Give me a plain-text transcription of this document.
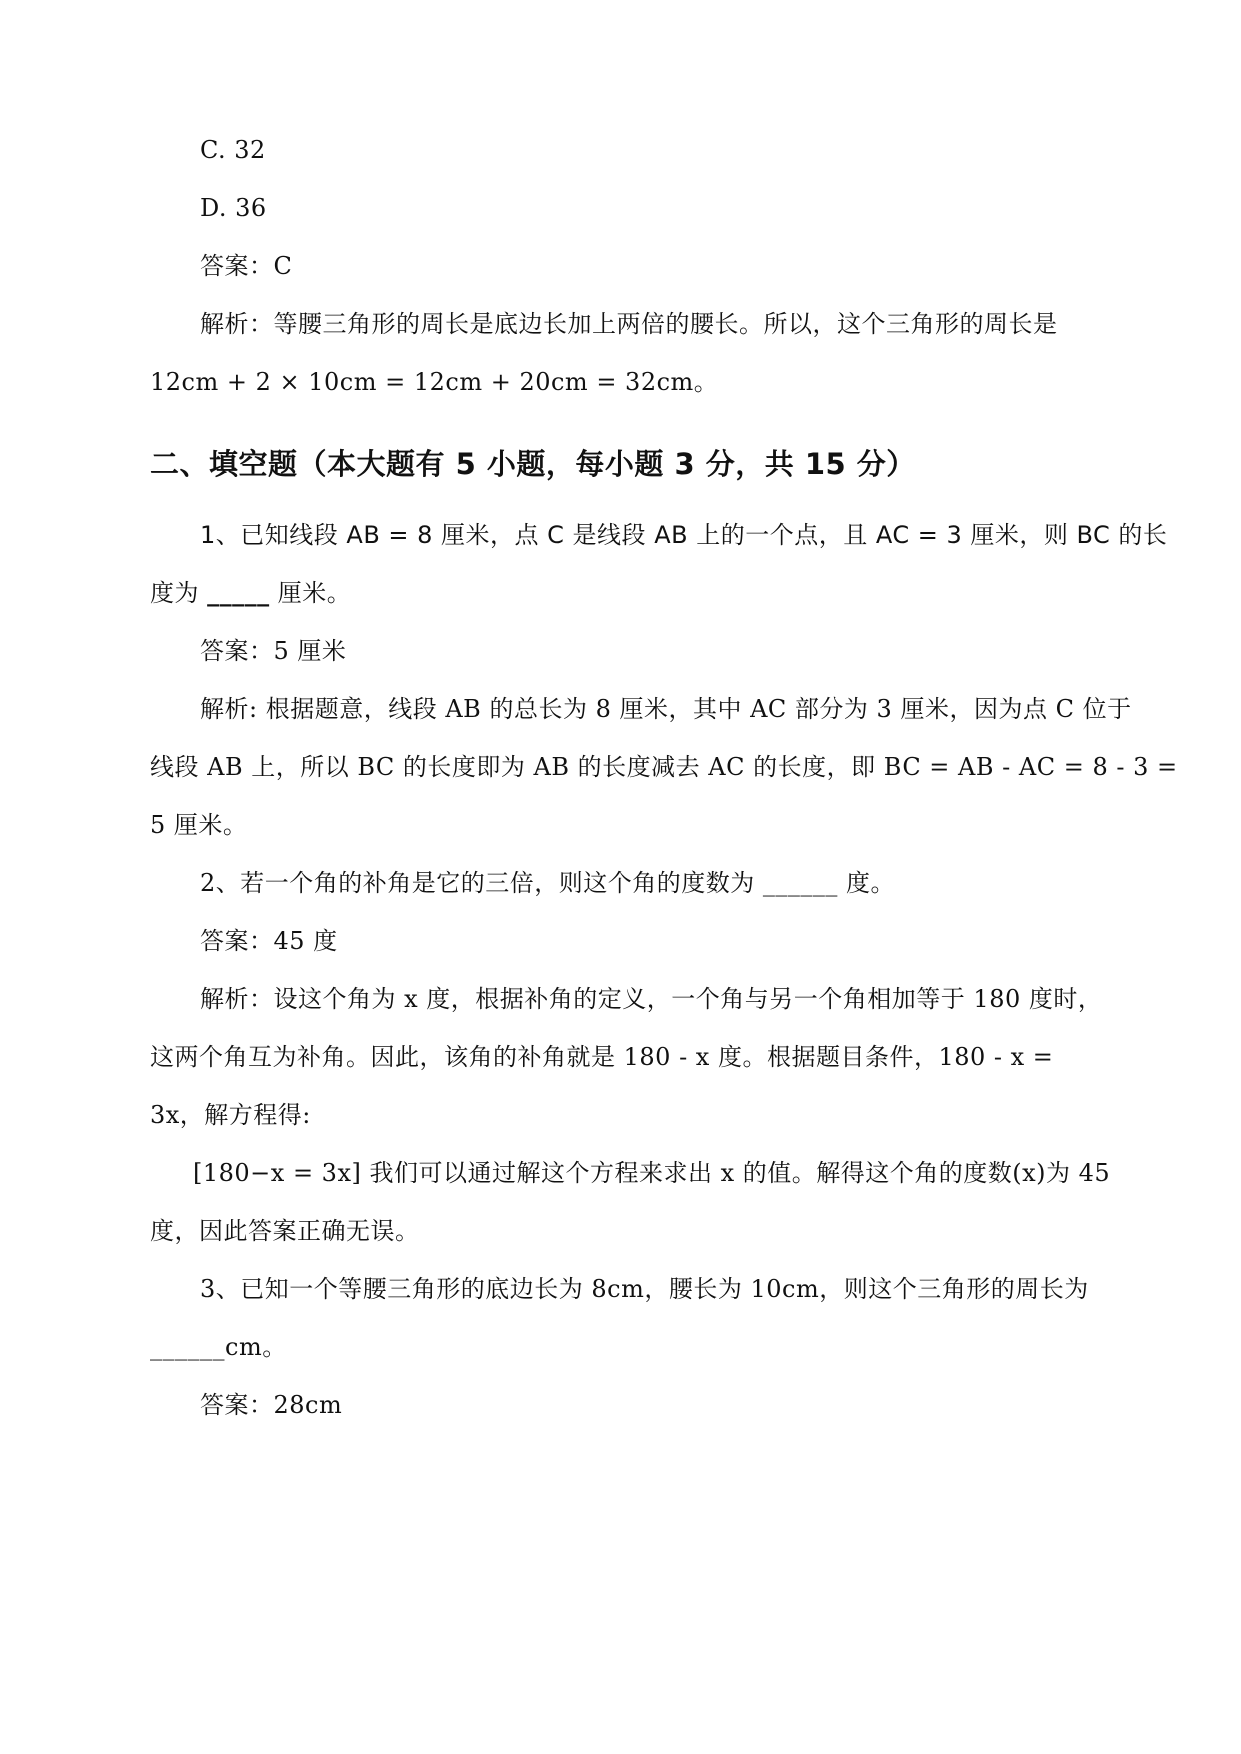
C. 32
D. 36
答案：C
解析：等腰三角形的周长是底边长加上两倍的腰长。所以，这个三角形的周长是
12cm + 2 × 10cm = 12cm + 20cm = 32cm。
二、填空题（本大题有 5 小题，每小题 3 分，共 15 分）
1、已知线段 AB = 8 厘米，点 C 是线段 AB 上的一个点，且 AC = 3 厘米，则 BC 的长
度为 _____ 厘米。
答案：5 厘米
解析: 根据题意，线段 AB 的总长为 8 厘米，其中 AC 部分为 3 厘米，因为点 C 位于
线段 AB 上，所以 BC 的长度即为 AB 的长度减去 AC 的长度，即 BC = AB - AC = 8 - 3 =
5 厘米。
2、若一个角的补角是它的三倍，则这个角的度数为 ______ 度。
答案：45 度
解析：设这个角为 x 度，根据补角的定义，一个角与另一个角相加等于 180 度时，
这两个角互为补角。因此，该角的补角就是 180 - x 度。根据题目条件，180 - x =
3x，解方程得:
[180−x = 3x] 我们可以通过解这个方程来求出 x 的值。解得这个角的度数(x)为 45
度，因此答案正确无误。
3、已知一个等腰三角形的底边长为 8cm，腰长为 10cm，则这个三角形的周长为
______cm。
答案：28cm
